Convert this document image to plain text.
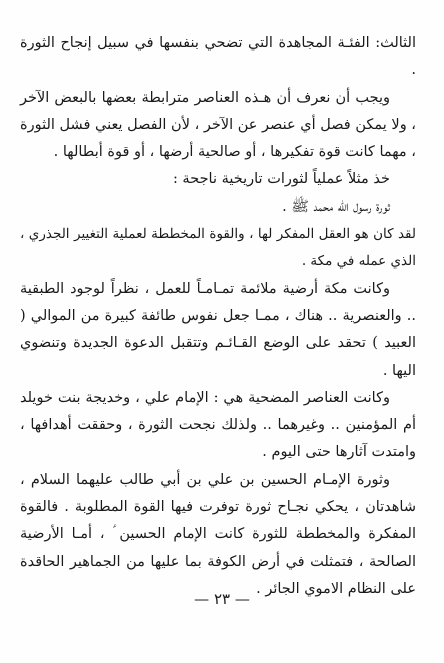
الثالث: الفئـة المجاهدة التي تضحي بنفسها في سبيل إنجاح الثورة .

ويجب أن نعرف أن هـذه العناصر مترابطة بعضها بالبعض الآخر ، ولا يمكن فصل أي عنصر عن الآخر ، لأن الفصل يعني فشل الثورة ، مهما كانت قوة تفكيرها ، أو صالحية أرضها ، أو قوة أبطالها .

خذ مثلاً عملياً لثورات تاريخية ناجحة :

ثورة رسول الله محمد ﷺ .

لقد كان هو العقل المفكر لها ، والقوة المخططة لعملية التغيير الجذري ، الذي عمله في مكة .

وكانت مكة أرضية ملائمة تمـامـاً للعمل ، نظراً لوجود الطبقية .. والعنصرية .. هناك ، ممـا جعل نفوس طائفة كبيرة من الموالي ( العبيد ) تحقد على الوضع القـائـم وتتقبل الدعوة الجديدة وتنضوي اليها .

وكانت العناصر المضحية هي : الإمام علي ، وخديجة بنت خويلد أم المؤمنين .. وغيرهما .. ولذلك نجحت الثورة ، وحققت أهدافها ، وامتدت آثارها حتى اليوم .

وثورة الإمـام الحسين بن علي بن أبي طالب عليهما السلام ، شاهدتان ، يحكي نجـاح ثورة توفرت فيها القوة المطلوبة . فالقوة المفكرة والمخططة للثورة كانت الإمام الحسين ؑ ، أمـا الأرضية الصالحة ، فتمثلت في أرض الكوفة بما عليها من الجماهير الحاقدة على النظام الاموي الجائر .

— ٢٣ —
